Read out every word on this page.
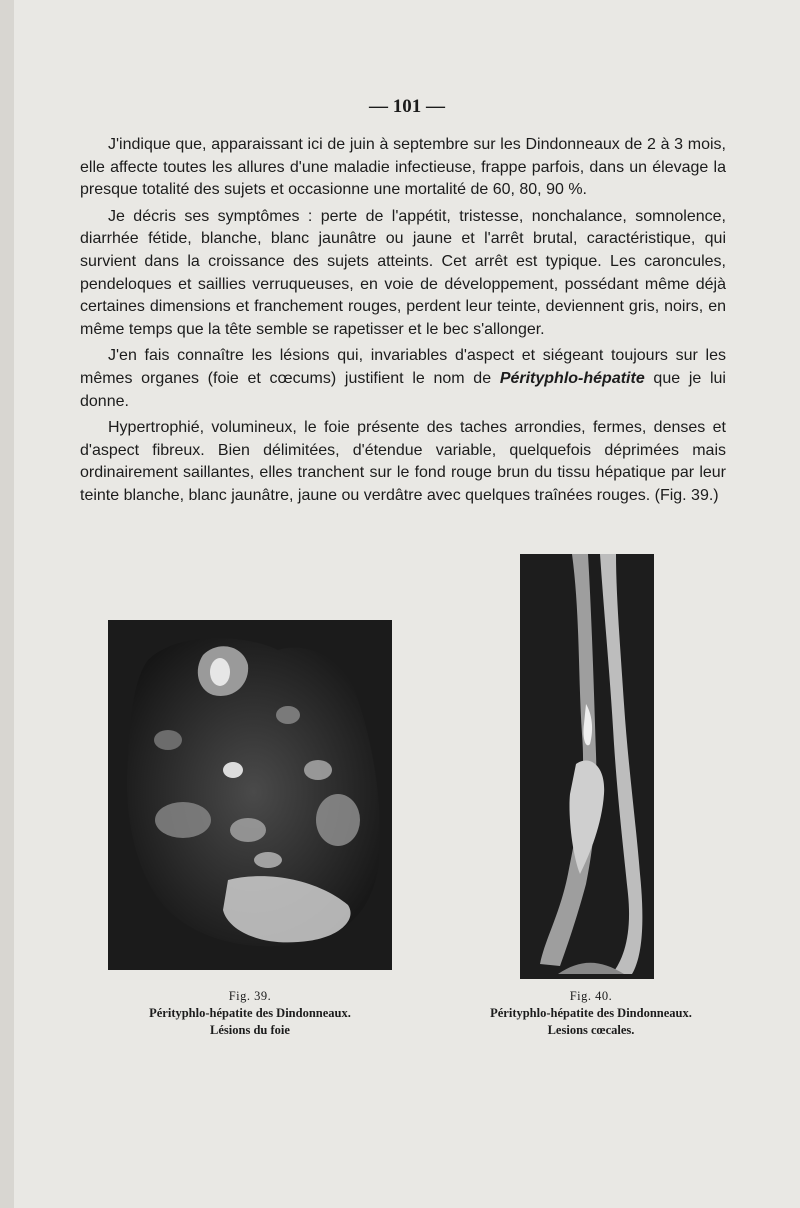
— 101 —

J'indique que, apparaissant ici de juin à septembre sur les Dindonneaux de 2 à 3 mois, elle affecte toutes les allures d'une maladie infectieuse, frappe parfois, dans un élevage la presque totalité des sujets et occasionne une mortalité de 60, 80, 90 %.

Je décris ses symptômes : perte de l'appétit, tristesse, nonchalance, somnolence, diarrhée fétide, blanche, blanc jaunâtre ou jaune et l'arrêt brutal, caractéristique, qui survient dans la croissance des sujets atteints. Cet arrêt est typique. Les caroncules, pendeloques et saillies verruqueuses, en voie de développement, possédant même déjà certaines dimensions et franchement rouges, perdent leur teinte, deviennent gris, noirs, en même temps que la tête semble se rapetisser et le bec s'allonger.

J'en fais connaître les lésions qui, invariables d'aspect et siégeant toujours sur les mêmes organes (foie et cœcums) justifient le nom de Pérityphlo-hépatite que je lui donne.

Hypertrophié, volumineux, le foie présente des taches arrondies, fermes, denses et d'aspect fibreux. Bien délimitées, d'étendue variable, quelquefois déprimées mais ordinairement saillantes, elles tranchent sur le fond rouge brun du tissu hépatique par leur teinte blanche, blanc jaunâtre, jaune ou verdâtre avec quelques traînées rouges. (Fig. 39.)

Fig. 39.
Pérityphlo-hépatite des Dindonneaux.
Lésions du foie
Fig. 40.
Pérityphlo-hépatite des Dindonneaux.
Lesions cœcales.
